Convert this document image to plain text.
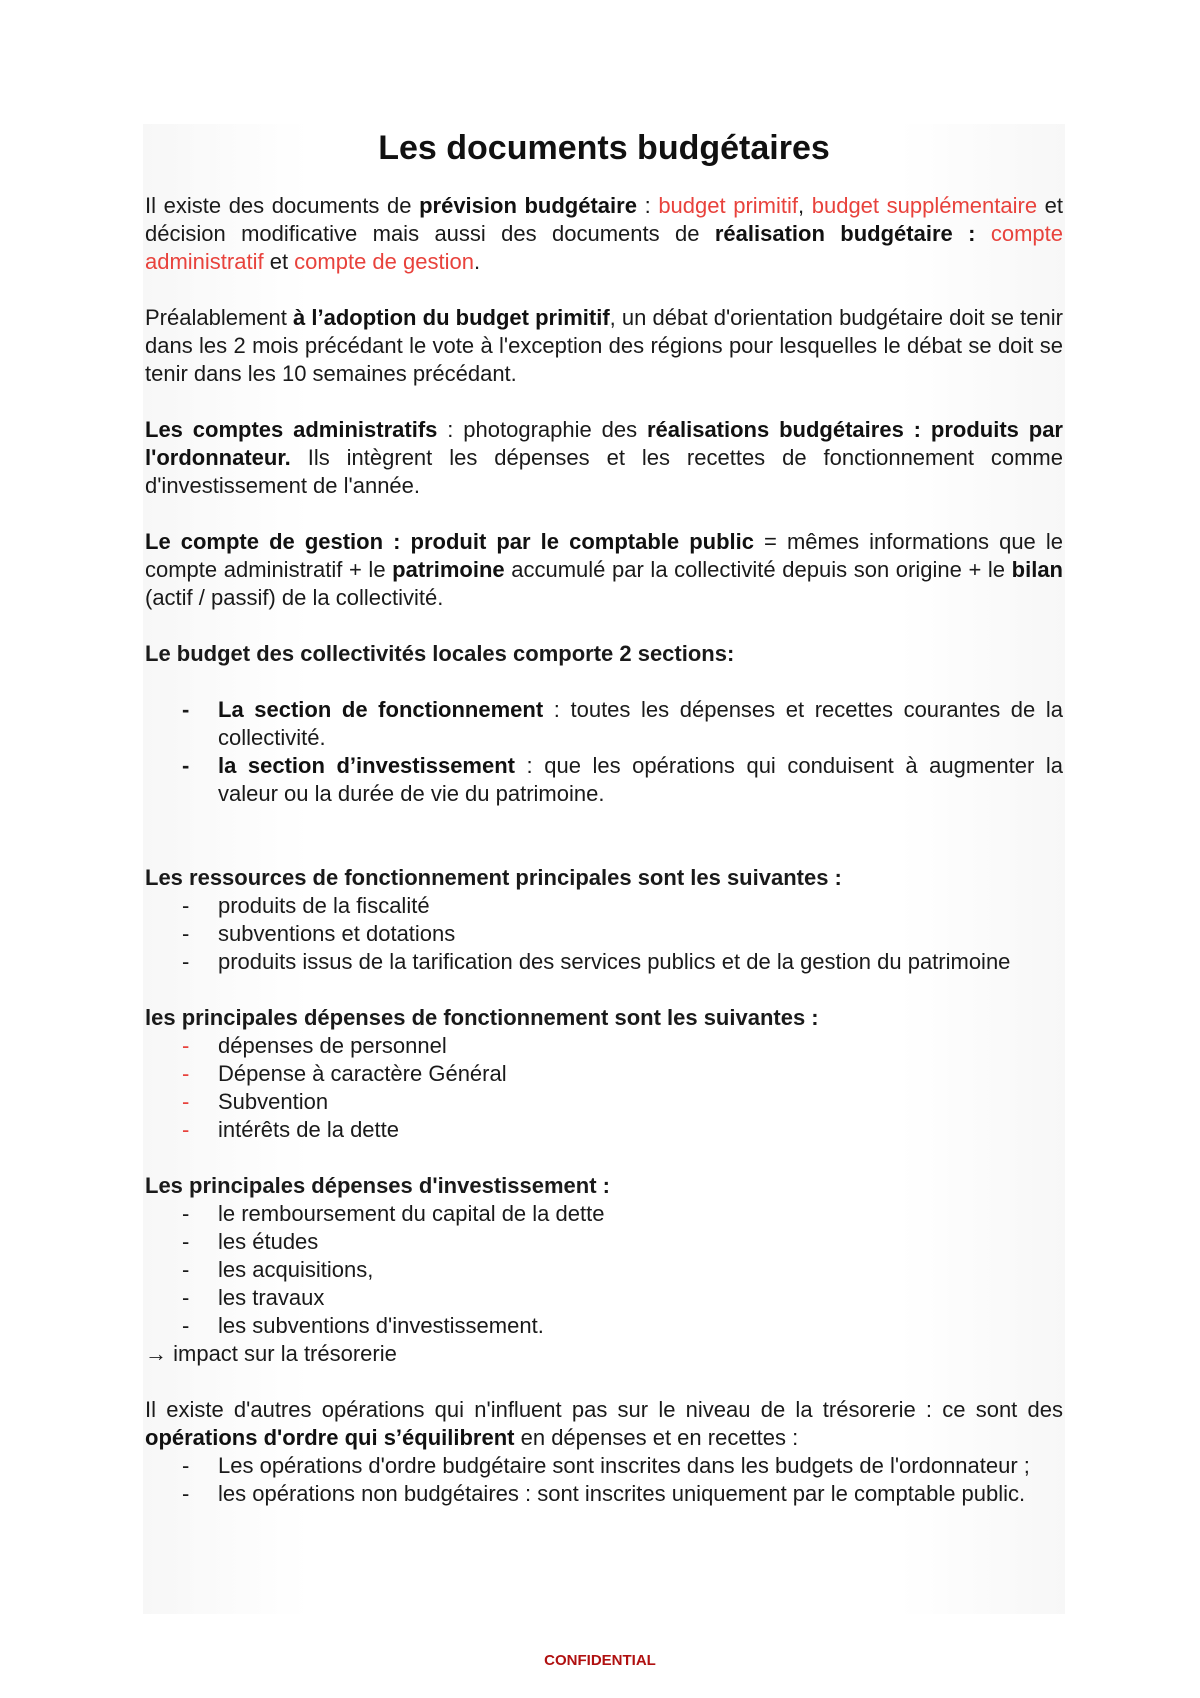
Les documents budgétaires

Il existe des documents de prévision budgétaire : budget primitif, budget supplémentaire et décision modificative mais aussi des documents de réalisation budgétaire : compte administratif et compte de gestion.

Préalablement à l’adoption du budget primitif, un débat d'orientation budgétaire doit se tenir dans les 2 mois précédant le vote à l'exception des régions pour lesquelles le débat se doit se tenir dans les 10 semaines précédant.

Les comptes administratifs : photographie des réalisations budgétaires : produits par l'ordonnateur. Ils intègrent les dépenses et les recettes de fonctionnement comme d'investissement de l'année.

Le compte de gestion : produit par le comptable public = mêmes informations que le compte administratif + le patrimoine accumulé par la collectivité depuis son origine + le bilan (actif / passif) de la collectivité.

Le budget des collectivités locales comporte 2 sections:
- La section de fonctionnement : toutes les dépenses et recettes courantes de la collectivité.
- la section d’investissement : que les opérations qui conduisent à augmenter la valeur ou la durée de vie du patrimoine.
Les ressources de fonctionnement principales sont les suivantes :
- produits de la fiscalité
- subventions et dotations
- produits issus de la tarification des services publics et de la gestion du patrimoine
les principales dépenses de fonctionnement sont les suivantes :
- dépenses de personnel
- Dépense à caractère Général
- Subvention
- intérêts de la dette
Les principales dépenses d'investissement :
- le remboursement du capital de la dette
- les études
- les acquisitions,
- les travaux
- les subventions d'investissement.
→ impact sur la trésorerie

Il existe d'autres opérations qui n'influent pas sur le niveau de la trésorerie : ce sont des opérations d'ordre qui s’équilibrent en dépenses et en recettes :

- Les opérations d'ordre budgétaire sont inscrites dans les budgets de l'ordonnateur ;
- les opérations non budgétaires : sont inscrites uniquement par le comptable public.
CONFIDENTIAL
